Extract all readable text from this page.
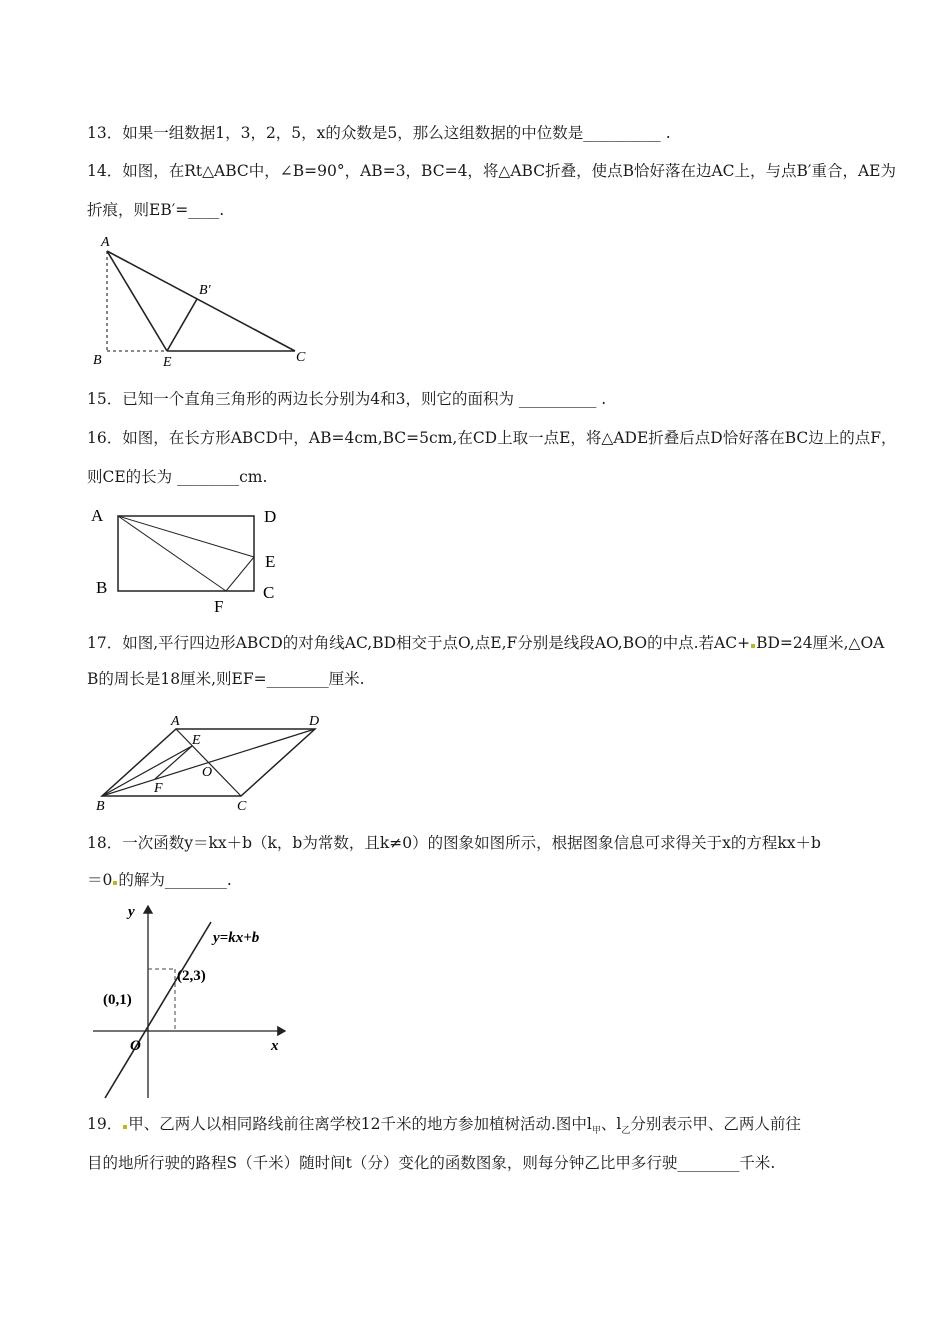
13．如果一组数据1，3，2，5，x的众数是5，那么这组数据的中位数是__________ .
14．如图，在Rt△ABC中，∠B=90°，AB=3，BC=4，将△ABC折叠，使点B恰好落在边AC上，与点B′重合，AE为
折痕，则EB′=____.
A
B′
B	E	C
15．已知一个直角三角形的两边长分别为4和3，则它的面积为 __________ .
16．如图，在长方形ABCD中，AB=4cm,BC=5cm,在CD上取一点E，将△ADE折叠后点D恰好落在BC边上的点F，
则CE的长为 ________cm.
A	D
E
B	C
F
17．如图,平行四边形ABCD的对角线AC,BD相交于点O,点E,F分别是线段AO,BO的中点.若AC+ BD=24厘米,△OA
B的周长是18厘米,则EF=________厘米.
A	D
E
O
F
B	C
18．一次函数y＝kx＋b（k，b为常数，且k≠0）的图象如图所示，根据图象信息可求得关于x的方程kx＋b
＝0 的解为________.
y
y=kx+b
(2,3)
(0,1)
O	x
19． 甲、乙两人以相同路线前往离学校12千米的地方参加植树活动.图中$l_甲$、$l_乙$分别表示甲、乙两人前往
目的地所行驶的路程S（千米）随时间t（分）变化的函数图象，则每分钟乙比甲多行驶________千米.
